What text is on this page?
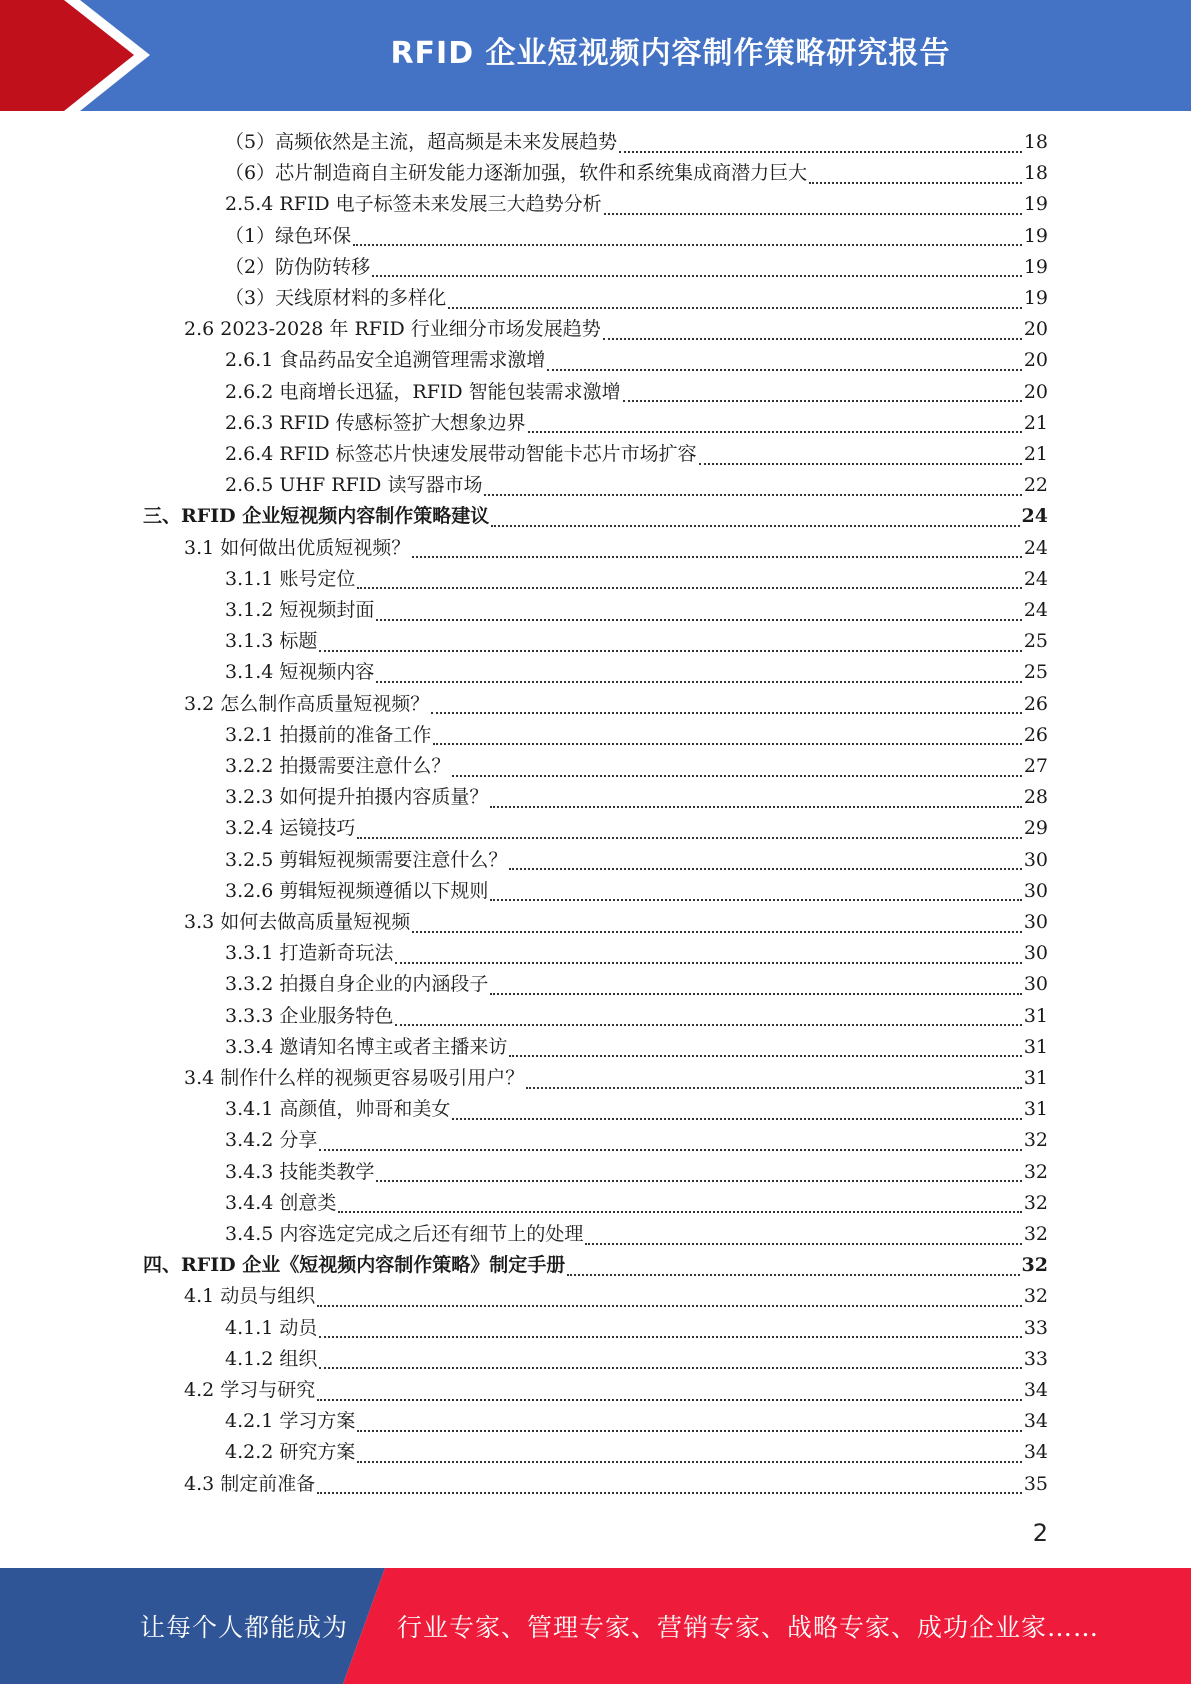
RFID 企业短视频内容制作策略研究报告
（5）高频依然是主流，超高频是未来发展趋势	18
（6）芯片制造商自主研发能力逐渐加强，软件和系统集成商潜力巨大	18
2.5.4 RFID 电子标签未来发展三大趋势分析	19
（1）绿色环保	19
（2）防伪防转移	19
（3）天线原材料的多样化	19
2.6 2023-2028 年 RFID 行业细分市场发展趋势	20
2.6.1 食品药品安全追溯管理需求激增	20
2.6.2 电商增长迅猛，RFID 智能包装需求激增	20
2.6.3 RFID 传感标签扩大想象边界	21
2.6.4 RFID 标签芯片快速发展带动智能卡芯片市场扩容	21
2.6.5 UHF RFID 读写器市场	22
三、RFID 企业短视频内容制作策略建议	24
3.1 如何做出优质短视频？	24
3.1.1 账号定位	24
3.1.2 短视频封面	24
3.1.3 标题	25
3.1.4 短视频内容	25
3.2 怎么制作高质量短视频？	26
3.2.1 拍摄前的准备工作	26
3.2.2 拍摄需要注意什么？	27
3.2.3 如何提升拍摄内容质量？	28
3.2.4 运镜技巧	29
3.2.5 剪辑短视频需要注意什么？	30
3.2.6 剪辑短视频遵循以下规则	30
3.3 如何去做高质量短视频	30
3.3.1 打造新奇玩法	30
3.3.2 拍摄自身企业的内涵段子	30
3.3.3 企业服务特色	31
3.3.4 邀请知名博主或者主播来访	31
3.4 制作什么样的视频更容易吸引用户？	31
3.4.1 高颜值，帅哥和美女	31
3.4.2 分享	32
3.4.3 技能类教学	32
3.4.4 创意类	32
3.4.5 内容选定完成之后还有细节上的处理	32
四、RFID 企业《短视频内容制作策略》制定手册	32
4.1 动员与组织	32
4.1.1 动员	33
4.1.2 组织	33
4.2 学习与研究	34
4.2.1 学习方案	34
4.2.2 研究方案	34
4.3 制定前准备	35
2
让每个人都能成为 行业专家、管理专家、营销专家、战略专家、成功企业家……
